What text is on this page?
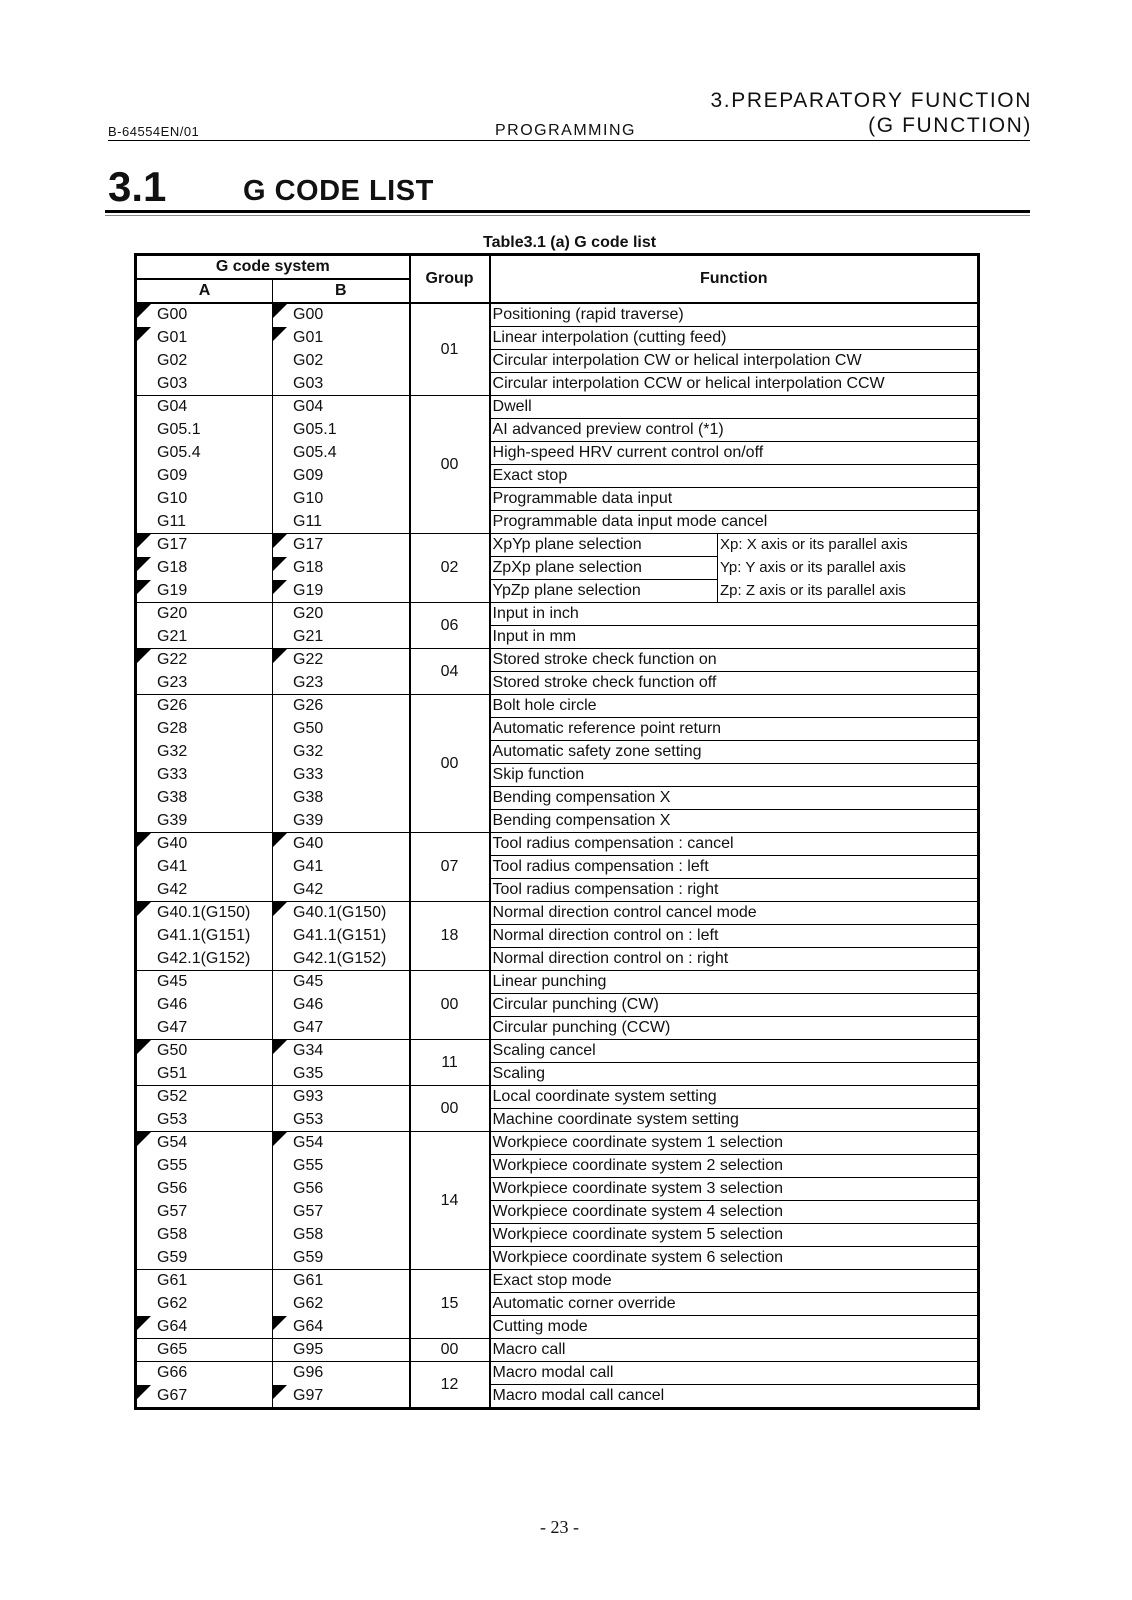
3.PREPARATORY FUNCTION
(G FUNCTION)
B-64554EN/01	PROGRAMMING
3.1	G CODE LIST
Table3.1 (a) G code list
G code system		Group	Function	
A	B			

G00	G00	01	Positioning (rapid traverse)	

G01	G01		Linear interpolation (cutting feed)	
G02	G02		Circular interpolation CW or helical interpolation CW	
G03	G03		Circular interpolation CCW or helical interpolation CCW	
G04	G04	00	Dwell	
G05.1	G05.1		AI advanced preview control (*1)	
G05.4	G05.4		High-speed HRV current control on/off	
G09	G09		Exact stop	
G10	G10		Programmable data input	
G11	G11		Programmable data input mode cancel	

G17	G17	02	XpYp plane selection	Xp: X axis or its parallel axis

G18	G18		ZpXp plane selection	Yp: Y axis or its parallel axis

G19	G19		YpZp plane selection	Zp: Z axis or its parallel axis
G20	G20	06	Input in inch	
G21	G21		Input in mm	

G22	G22	04	Stored stroke check function on	
G23	G23		Stored stroke check function off	
G26	G26	00	Bolt hole circle	
G28	G50		Automatic reference point return	
G32	G32		Automatic safety zone setting	
G33	G33		Skip function	
G38	G38		Bending compensation X	
G39	G39		Bending compensation X	

G40	G40	07	Tool radius compensation : cancel	
G41	G41		Tool radius compensation : left	
G42	G42		Tool radius compensation : right	

G40.1(G150)	G40.1(G150)	18	Normal direction control cancel mode	
G41.1(G151)	G41.1(G151)		Normal direction control on : left	
G42.1(G152)	G42.1(G152)		Normal direction control on : right	
G45	G45	00	Linear punching	
G46	G46		Circular punching (CW)	
G47	G47		Circular punching (CCW)	

G50	G34	11	Scaling cancel	
G51	G35		Scaling	
G52	G93	00	Local coordinate system setting	
G53	G53		Machine coordinate system setting	

G54	G54	14	Workpiece coordinate system 1 selection	
G55	G55		Workpiece coordinate system 2 selection	
G56	G56		Workpiece coordinate system 3 selection	
G57	G57		Workpiece coordinate system 4 selection	
G58	G58		Workpiece coordinate system 5 selection	
G59	G59		Workpiece coordinate system 6 selection	
G61	G61	15	Exact stop mode	
G62	G62		Automatic corner override	

G64	G64		Cutting mode	
G65	G95	00	Macro call	
G66	G96	12	Macro modal call	

G67	G97		Macro modal call cancel	
- 23 -
